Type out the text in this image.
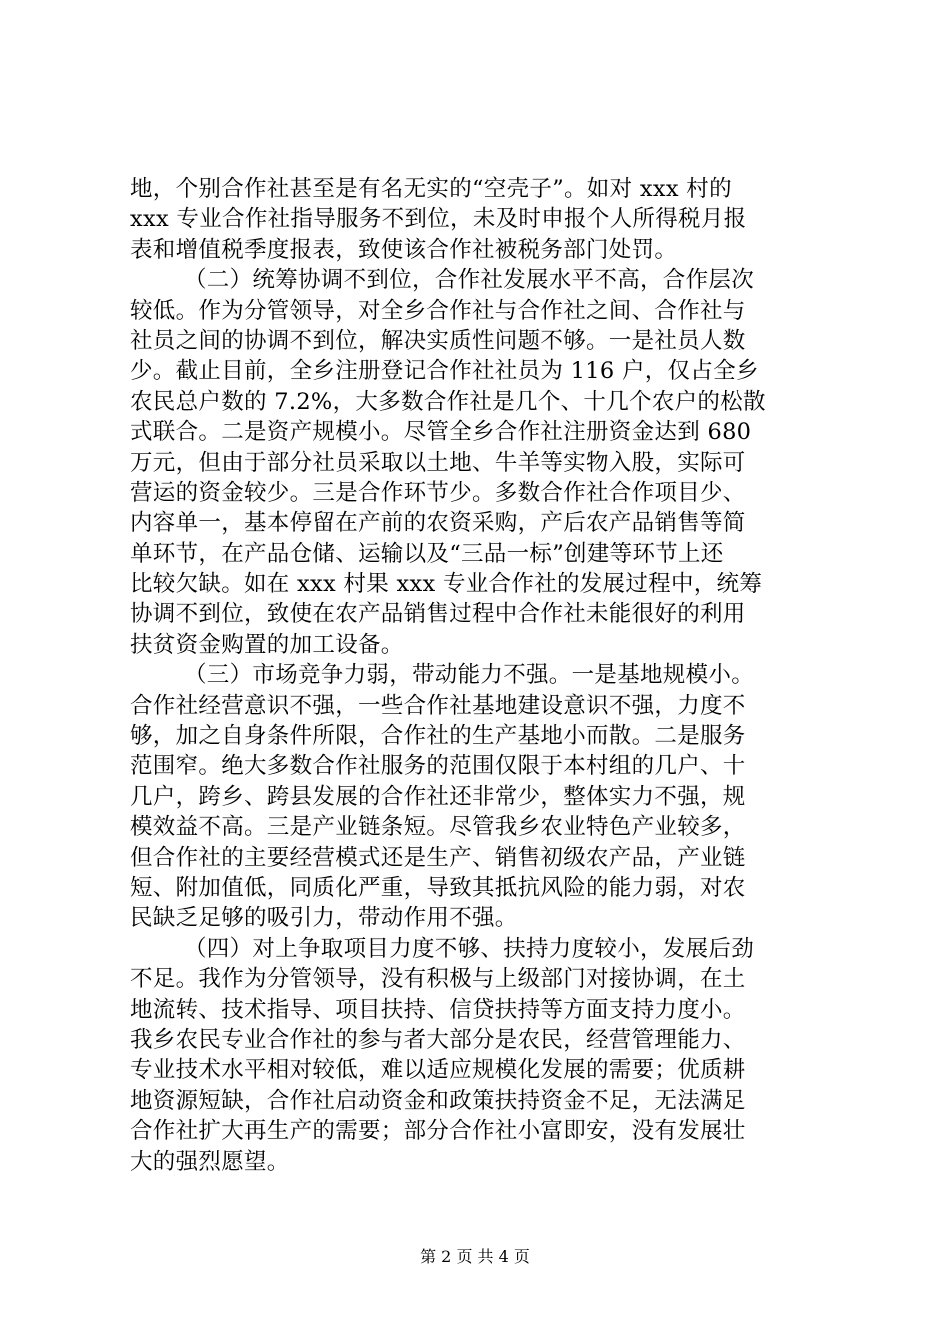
地，个别合作社甚至是有名无实的“空壳子”。如对 xxx 村的
xxx 专业合作社指导服务不到位，未及时申报个人所得税月报
表和增值税季度报表，致使该合作社被税务部门处罚。
（二）统筹协调不到位，合作社发展水平不高，合作层次
较低。作为分管领导，对全乡合作社与合作社之间、合作社与
社员之间的协调不到位，解决实质性问题不够。一是社员人数
少。截止目前，全乡注册登记合作社社员为 116 户，仅占全乡
农民总户数的 7.2%，大多数合作社是几个、十几个农户的松散
式联合。二是资产规模小。尽管全乡合作社注册资金达到 680
万元，但由于部分社员采取以土地、牛羊等实物入股，实际可
营运的资金较少。三是合作环节少。多数合作社合作项目少、
内容单一，基本停留在产前的农资采购，产后农产品销售等简
单环节，在产品仓储、运输以及“三品一标”创建等环节上还
比较欠缺。如在 xxx 村果 xxx 专业合作社的发展过程中，统筹
协调不到位，致使在农产品销售过程中合作社未能很好的利用
扶贫资金购置的加工设备。
（三）市场竞争力弱，带动能力不强。一是基地规模小。
合作社经营意识不强，一些合作社基地建设意识不强，力度不
够，加之自身条件所限，合作社的生产基地小而散。二是服务
范围窄。绝大多数合作社服务的范围仅限于本村组的几户、十
几户，跨乡、跨县发展的合作社还非常少，整体实力不强，规
模效益不高。三是产业链条短。尽管我乡农业特色产业较多，
但合作社的主要经营模式还是生产、销售初级农产品，产业链
短、附加值低，同质化严重，导致其抵抗风险的能力弱，对农
民缺乏足够的吸引力，带动作用不强。
（四）对上争取项目力度不够、扶持力度较小，发展后劲
不足。我作为分管领导，没有积极与上级部门对接协调，在土
地流转、技术指导、项目扶持、信贷扶持等方面支持力度小。
我乡农民专业合作社的参与者大部分是农民，经营管理能力、
专业技术水平相对较低，难以适应规模化发展的需要；优质耕
地资源短缺，合作社启动资金和政策扶持资金不足，无法满足
合作社扩大再生产的需要；部分合作社小富即安，没有发展壮
大的强烈愿望。
第 2 页 共 4 页
